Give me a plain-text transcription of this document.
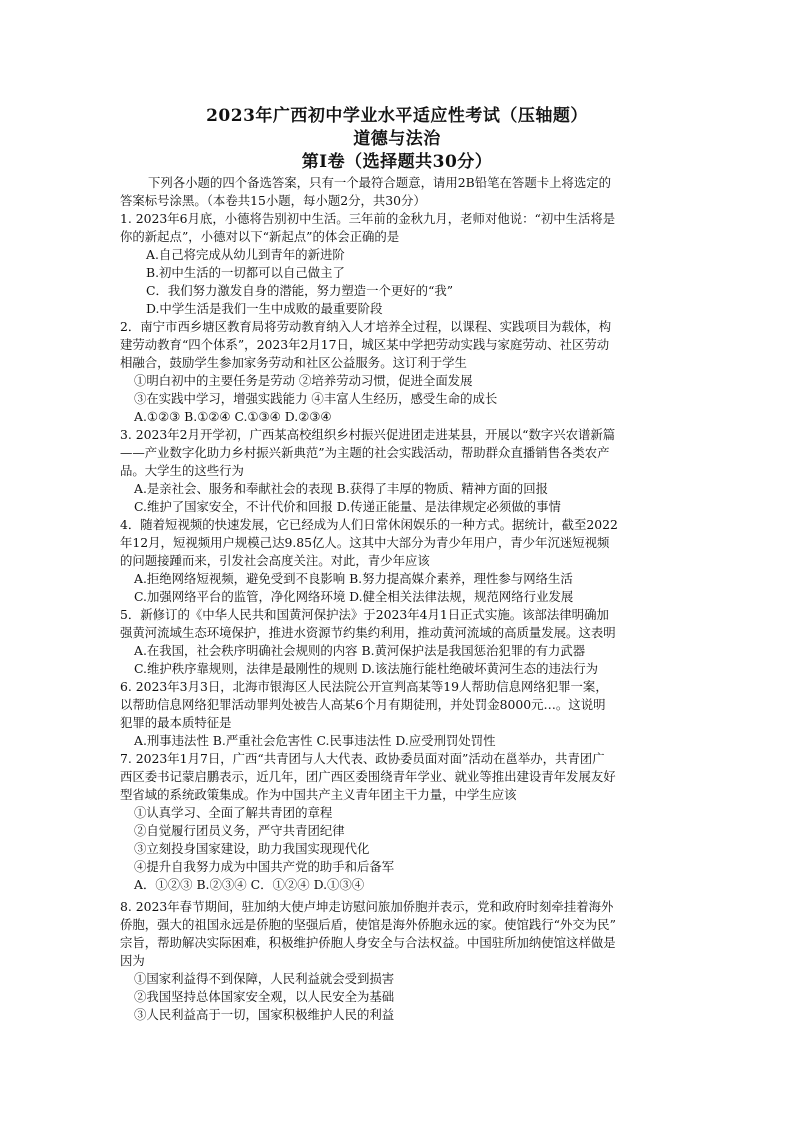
2023年广西初中学业水平适应性考试（压轴题）
道德与法治
第I卷（选择题共30分）
下列各小题的四个备选答案，只有一个最符合题意，请用2B铅笔在答题卡上将选定的
答案标号涂黑。（本卷共15小题，每小题2分，共30分）
1. 2023年6月底，小德将告别初中生活。三年前的金秋九月，老师对他说：“初中生活将是
你的新起点”，小德对以下“新起点”的体会正确的是
A.自己将完成从幼儿到青年的新进阶
B.初中生活的一切都可以自己做主了
C．我们努力激发自身的潜能，努力塑造一个更好的“我”
D.中学生活是我们一生中成败的最重要阶段
2．南宁市西乡塘区教育局将劳动教育纳入人才培养全过程，以课程、实践项目为载体，构
建劳动教育“四个体系”，2023年2月17日，城区某中学把劳动实践与家庭劳动、社区劳动
相融合，鼓励学生参加家务劳动和社区公益服务。这订利于学生
①明白初中的主要任务是劳动 ②培养劳动习惯，促进全面发展
③在实践中学习，增强实践能力 ④丰富人生经历，感受生命的成长
A.①②③ B.①②④ C.①③④ D.②③④
3. 2023年2月开学初，广西某高校组织乡村振兴促进团走进某县，开展以“数字兴农谱新篇
——产业数字化助力乡村振兴新典范”为主题的社会实践活动，帮助群众直播销售各类农产
品。大学生的这些行为
A.是亲社会、服务和奉献社会的表现 B.获得了丰厚的物质、精神方面的回报
C.维护了国家安全，不计代价和回报 D.传递正能量、是法律规定必须做的事情
4．随着短视频的快速发展，它已经成为人们日常休闲娱乐的一种方式。据统计，截至2022
年12月，短视频用户规模己达9.85亿人。这其中大部分为青少年用户，青少年沉迷短视频
的问题接踵而来，引发社会高度关注。对此，青少年应该
A.拒绝网络短视频，避免受到不良影响 B.努力提高媒介素养，理性参与网络生活
C.加强网络平台的监管，净化网络环境 D.健全相关法律法规，规范网络行业发展
5．新修订的《中华人民共和国黄河保护法》于2023年4月1日正式实施。该部法律明确加
强黄河流域生态环境保护，推进水资源节约集约利用，推动黄河流域的高质量发展。这表明
A.在我国，社会秩序明确社会规则的内容 B.黄河保护法是我国惩治犯罪的有力武器
C.维护秩序靠规则，法律是最刚性的规则 D.该法施行能杜绝破坏黄河生态的违法行为
6. 2023年3月3日，北海市银海区人民法院公开宣判高某等19人帮助信息网络犯罪一案，
以帮助信息网络犯罪活动罪判处被告人高某6个月有期徒刑，并处罚金8000元…。这说明
犯罪的最本质特征是
A.刑事违法性 B.严重社会危害性 C.民事违法性 D.应受刑罚处罚性
7. 2023年1月7日，广西“共青团与人大代表、政协委员面对面”活动在邕举办，共青团广
西区委书记蒙启鹏表示，近几年，团广西区委围绕青年学业、就业等推出建设青年发展友好
型省域的系统政策集成。作为中国共产主义青年团主干力量，中学生应该
①认真学习、全面了解共青团的章程
②自觉履行团员义务，严守共青团纪律
③立刻投身国家建设，助力我国实现现代化
④提升自我努力成为中国共产党的助手和后备军
A．①②③ B.②③④ C．①②④ D.①③④
8. 2023年春节期间，驻加纳大使卢坤走访慰问旅加侨胞并表示，党和政府时刻牵挂着海外
侨胞，强大的祖国永远是侨胞的坚强后盾，使馆是海外侨胞永远的家。使馆践行“外交为民”
宗旨，帮助解决实际困难，积极维护侨胞人身安全与合法权益。中国驻所加纳使馆这样做是
因为
①国家利益得不到保障，人民利益就会受到损害
②我国坚持总体国家安全观，以人民安全为基础
③人民利益高于一切，国家积极维护人民的利益
